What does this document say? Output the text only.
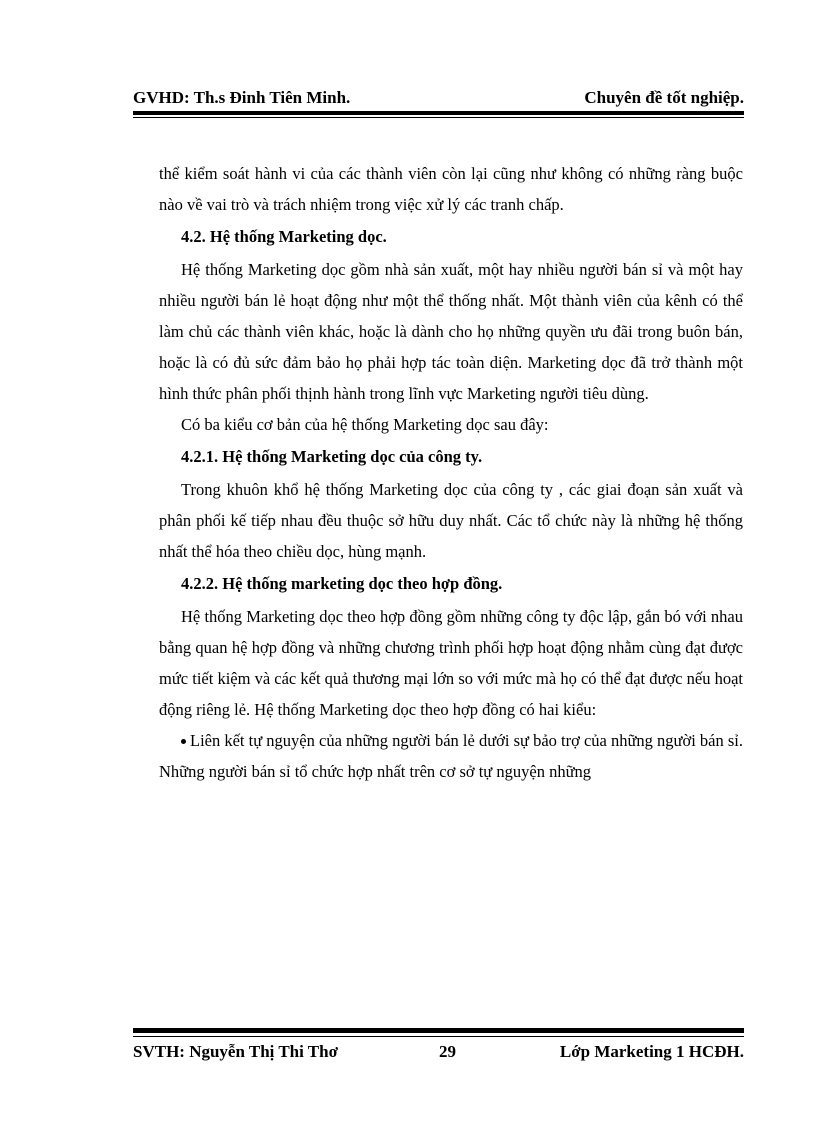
GVHD: Th.s Đinh Tiên Minh.	Chuyên đề tốt nghiệp.

thể kiểm soát hành vi của các thành viên còn lại cũng như không có những ràng buộc nào về vai trò và trách nhiệm trong việc xử lý các tranh chấp.

4.2. Hệ thống Marketing dọc.

Hệ thống Marketing dọc gồm nhà sản xuất, một hay nhiều người bán sỉ và một hay nhiều người bán lẻ hoạt động như một thể thống nhất. Một thành viên của kênh có thể làm chủ các thành viên khác, hoặc là dành cho họ những quyền ưu đãi trong buôn bán, hoặc là có đủ sức đảm bảo họ phải hợp tác toàn diện. Marketing dọc đã trở thành một hình thức phân phối thịnh hành trong lĩnh vực Marketing người tiêu dùng.

Có ba kiểu cơ bản của hệ thống Marketing dọc sau đây:

4.2.1. Hệ thống Marketing dọc của công ty.

Trong khuôn khổ hệ thống Marketing dọc của công ty , các giai đoạn sản xuất và phân phối kế tiếp nhau đều thuộc sở hữu duy nhất. Các tổ chức này là những hệ thống nhất thể hóa theo chiều dọc, hùng mạnh.

4.2.2. Hệ thống marketing dọc theo hợp đồng.

Hệ thống Marketing dọc theo hợp đồng gồm những công ty độc lập, gắn bó với nhau bằng quan hệ hợp đồng và những chương trình phối hợp hoạt động nhằm cùng đạt được mức tiết kiệm và các kết quả thương mại lớn so với mức mà họ có thể đạt được nếu hoạt động riêng lẻ. Hệ thống Marketing dọc theo hợp đồng có hai kiểu:

Liên kết tự nguyện của những người bán lẻ dưới sự bảo trợ của những người bán sỉ. Những người bán sỉ tổ chức hợp nhất trên cơ sở tự nguyện những

SVTH: Nguyễn Thị Thi Thơ	29	Lớp Marketing 1 HCĐH.
